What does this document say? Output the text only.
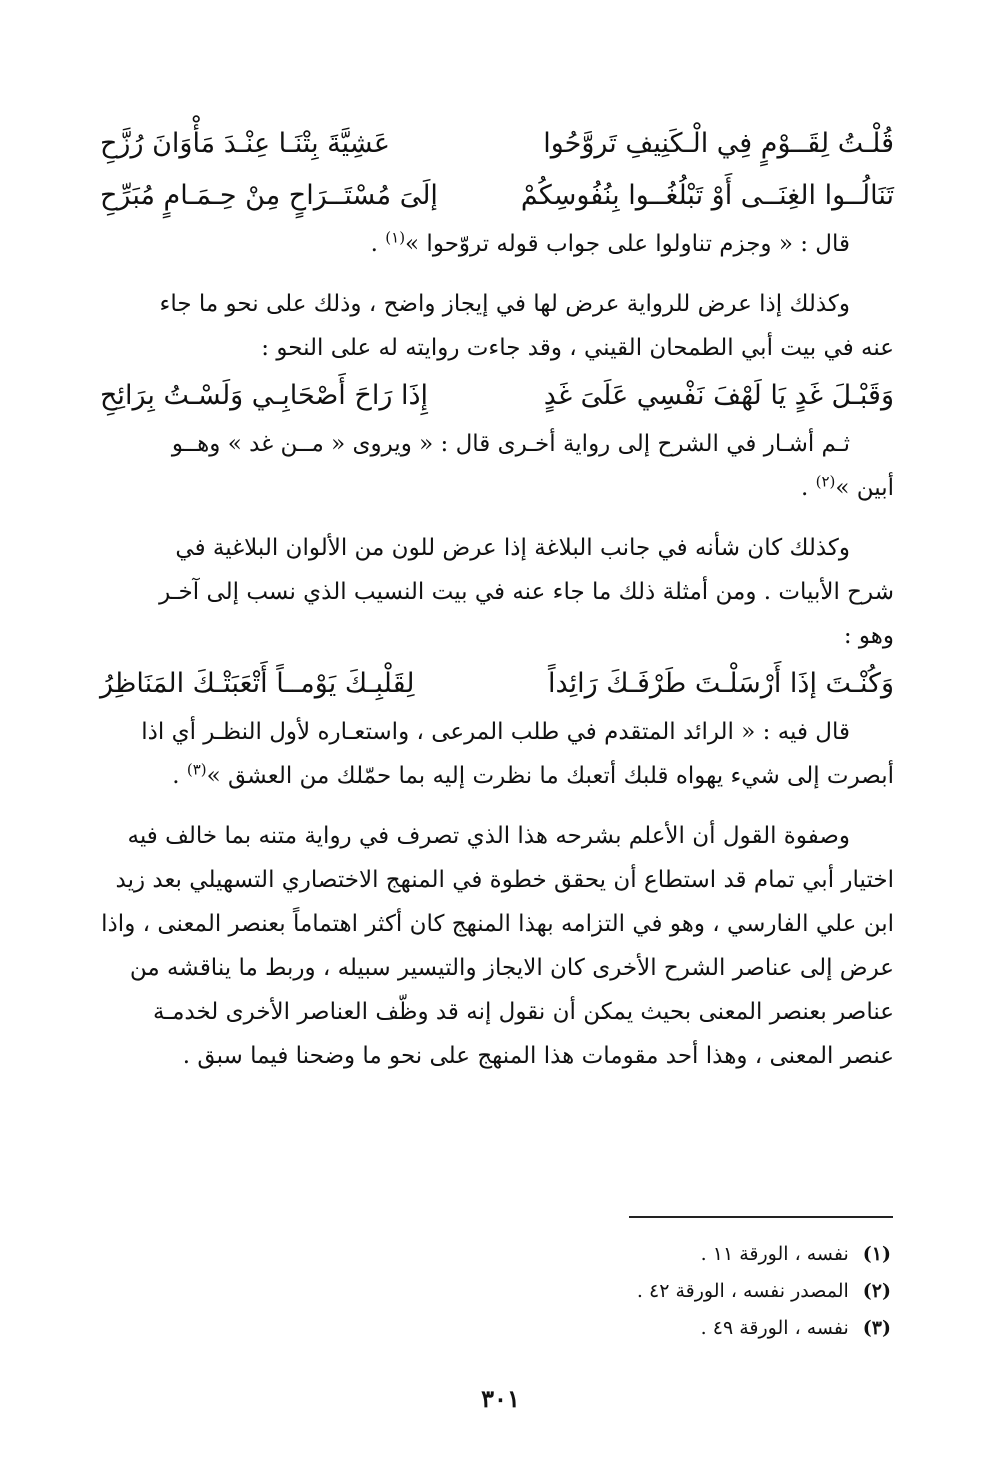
قُلْـتُ لِقَــوْمٍ فِي الْـكَنِيفِ تَروَّحُوا
عَشِيَّةَ بِتْنَـا عِنْـدَ مَأْوَانَ رُزَّحِ
تَنَالُــوا الغِنَــى أَوْ تَبْلُغُــوا بِنُفُوسِكُمْ
إلَىَ مُسْتَــرَاحٍ مِنْ حِـمَـامٍ مُبَرِّحِ

قال : « وجزم تناولوا على جواب قوله تروّحوا »$^{(١)}$ .

وكذلك إذا عرض للرواية عرض لها في إيجاز واضح ، وذلك على نحو ما جاء

عنه في بيت أبي الطمحان القيني ، وقد جاءت روايته له على النحو :

وَقَبْـلَ غَدٍ يَا لَهْفَ نَفْسِي عَلَىَ غَدٍ
إِذَا رَاحَ أَصْحَابِـي وَلَسْـتُ بِرَائِحِ

ثـم أشـار في الشرح إلى رواية أخـرى قال : « ويروى « مــن غد » وهــو

أبين »$^{(٢)}$ .

وكذلك كان شأنه في جانب البلاغة إذا عرض للون من الألوان البلاغية في

شرح الأبيات . ومن أمثلة ذلك ما جاء عنه في بيت النسيب الذي نسب إلى آخـر

وهو :

وَكُنْـتَ إذَا أَرْسَلْـتَ طَرْفَـكَ رَائِداً
لِقَلْبِـكَ يَوْمــاً أَتْعَبَتْـكَ المَنَاظِرُ

قال فيه : « الرائد المتقدم في طلب المرعى ، واستعـاره لأول النظـر أي اذا

أبصرت إلى شيء يهواه قلبك أتعبك ما نظرت إليه بما حمّلك من العشق »$^{(٣)}$ .

وصفوة القول أن الأعلم بشرحه هذا الذي تصرف في رواية متنه بما خالف فيه

اختيار أبي تمام قد استطاع أن يحقق خطوة في المنهج الاختصاري التسهيلي بعد زيد

ابن علي الفارسي ، وهو في التزامه بهذا المنهج كان أكثر اهتماماً بعنصر المعنى ، واذا

عرض إلى عناصر الشرح الأخرى كان الايجاز والتيسير سبيله ، وربط ما يناقشه من

عناصر بعنصر المعنى بحيث يمكن أن نقول إنه قد وظّف العناصر الأخرى لخدمـة

عنصر المعنى ، وهذا أحد مقومات هذا المنهج على نحو ما وضحنا فيما سبق .

(١)
نفسه ، الورقة ١١ .
(٢)
المصدر نفسه ، الورقة ٤٢ .
(٣)
نفسه ، الورقة ٤٩ .
٣٠١
